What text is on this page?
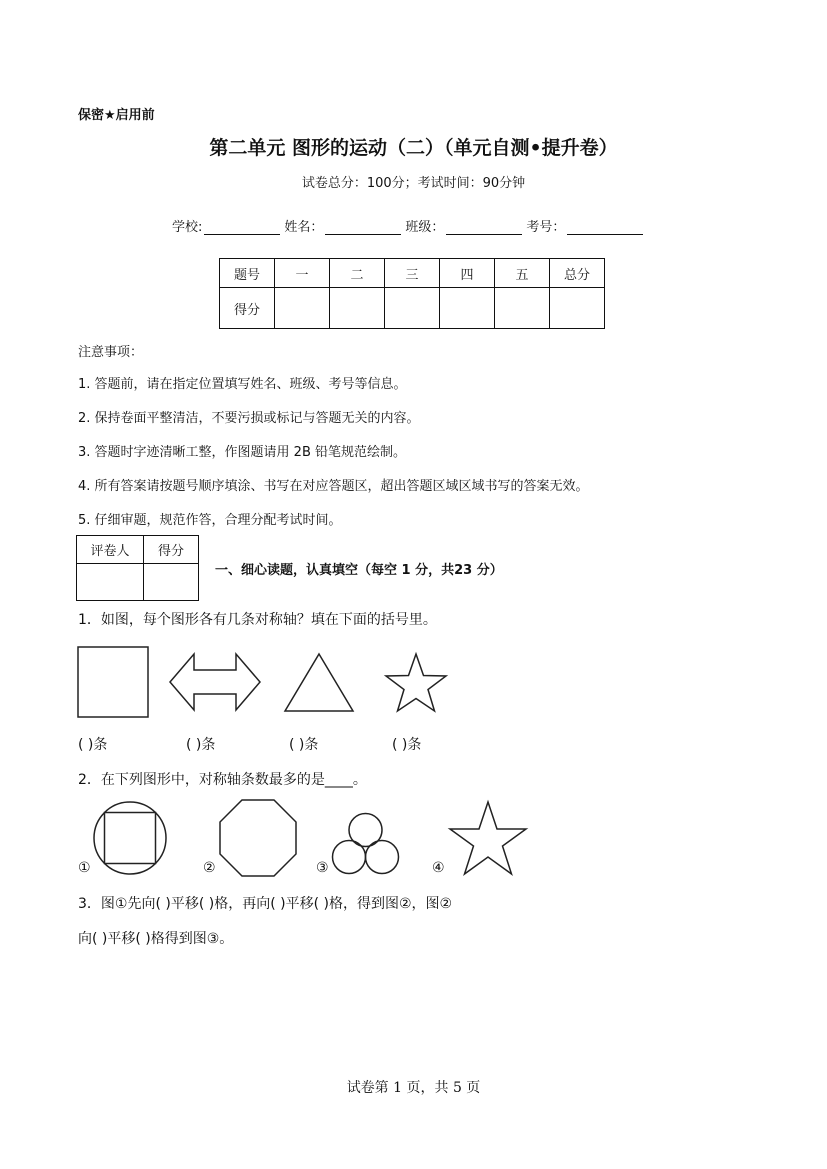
保密★启用前
第二单元 图形的运动（二）（单元自测•提升卷）
试卷总分：100分；考试时间：90分钟
学校:	姓名：	班级：	考号：
题号	一	二	三	四	五	总分
得分						
注意事项：
1. 答题前，请在指定位置填写姓名、班级、考号等信息。
2. 保持卷面平整清洁，不要污损或标记与答题无关的内容。
3. 答题时字迹清晰工整，作图题请用 2B 铅笔规范绘制。
4. 所有答案请按题号顺序填涂、书写在对应答题区，超出答题区域区域书写的答案无效。
5. 仔细审题，规范作答，合理分配考试时间。
评卷人	得分

一、细心读题，认真填空（每空 1 分，共23 分）
1．如图，每个图形各有几条对称轴？填在下面的括号里。
( )条	( )条	( )条	( )条
2．在下列图形中，对称轴条数最多的是____。
①	②	③	④
3．图①先向( )平移( )格，再向( )平移( )格，得到图②，图②
向( )平移( )格得到图③。
试卷第 1 页，共 5 页
